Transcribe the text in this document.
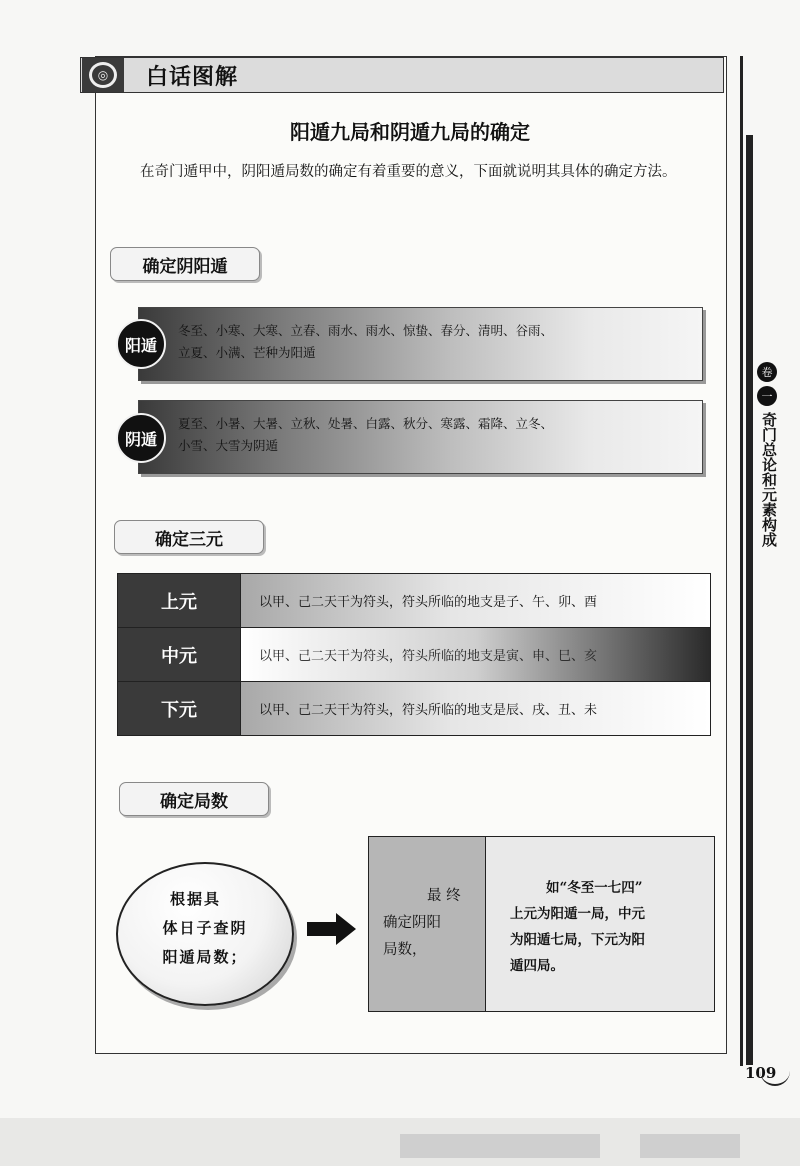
◎	白话图解
卷
一
奇门总论和元素构成
阳遁九局和阴遁九局的确定
在奇门遁甲中，阴阳遁局数的确定有着重要的意义，下面就说明其具体的确定方法。
确定阴阳遁
阳遁
冬至、小寒、大寒、立春、雨水、雨水、惊蛰、春分、清明、谷雨、
立夏、小满、芒种为阳遁
阴遁
夏至、小暑、大暑、立秋、处暑、白露、秋分、寒露、霜降、立冬、
小雪、大雪为阴遁
确定三元
上元	以甲、己二天干为符头，符头所临的地支是子、午、卯、酉
中元	以甲、己二天干为符头，符头所临的地支是寅、申、巳、亥
下元	以甲、己二天干为符头，符头所临的地支是辰、戌、丑、未
确定局数
根据具
体日子查阴
阳遁局数；
最 终
确定阴阳
局数，
如“冬至一七四”
上元为阳遁一局，中元
为阳遁七局，下元为阳
遁四局。
109
